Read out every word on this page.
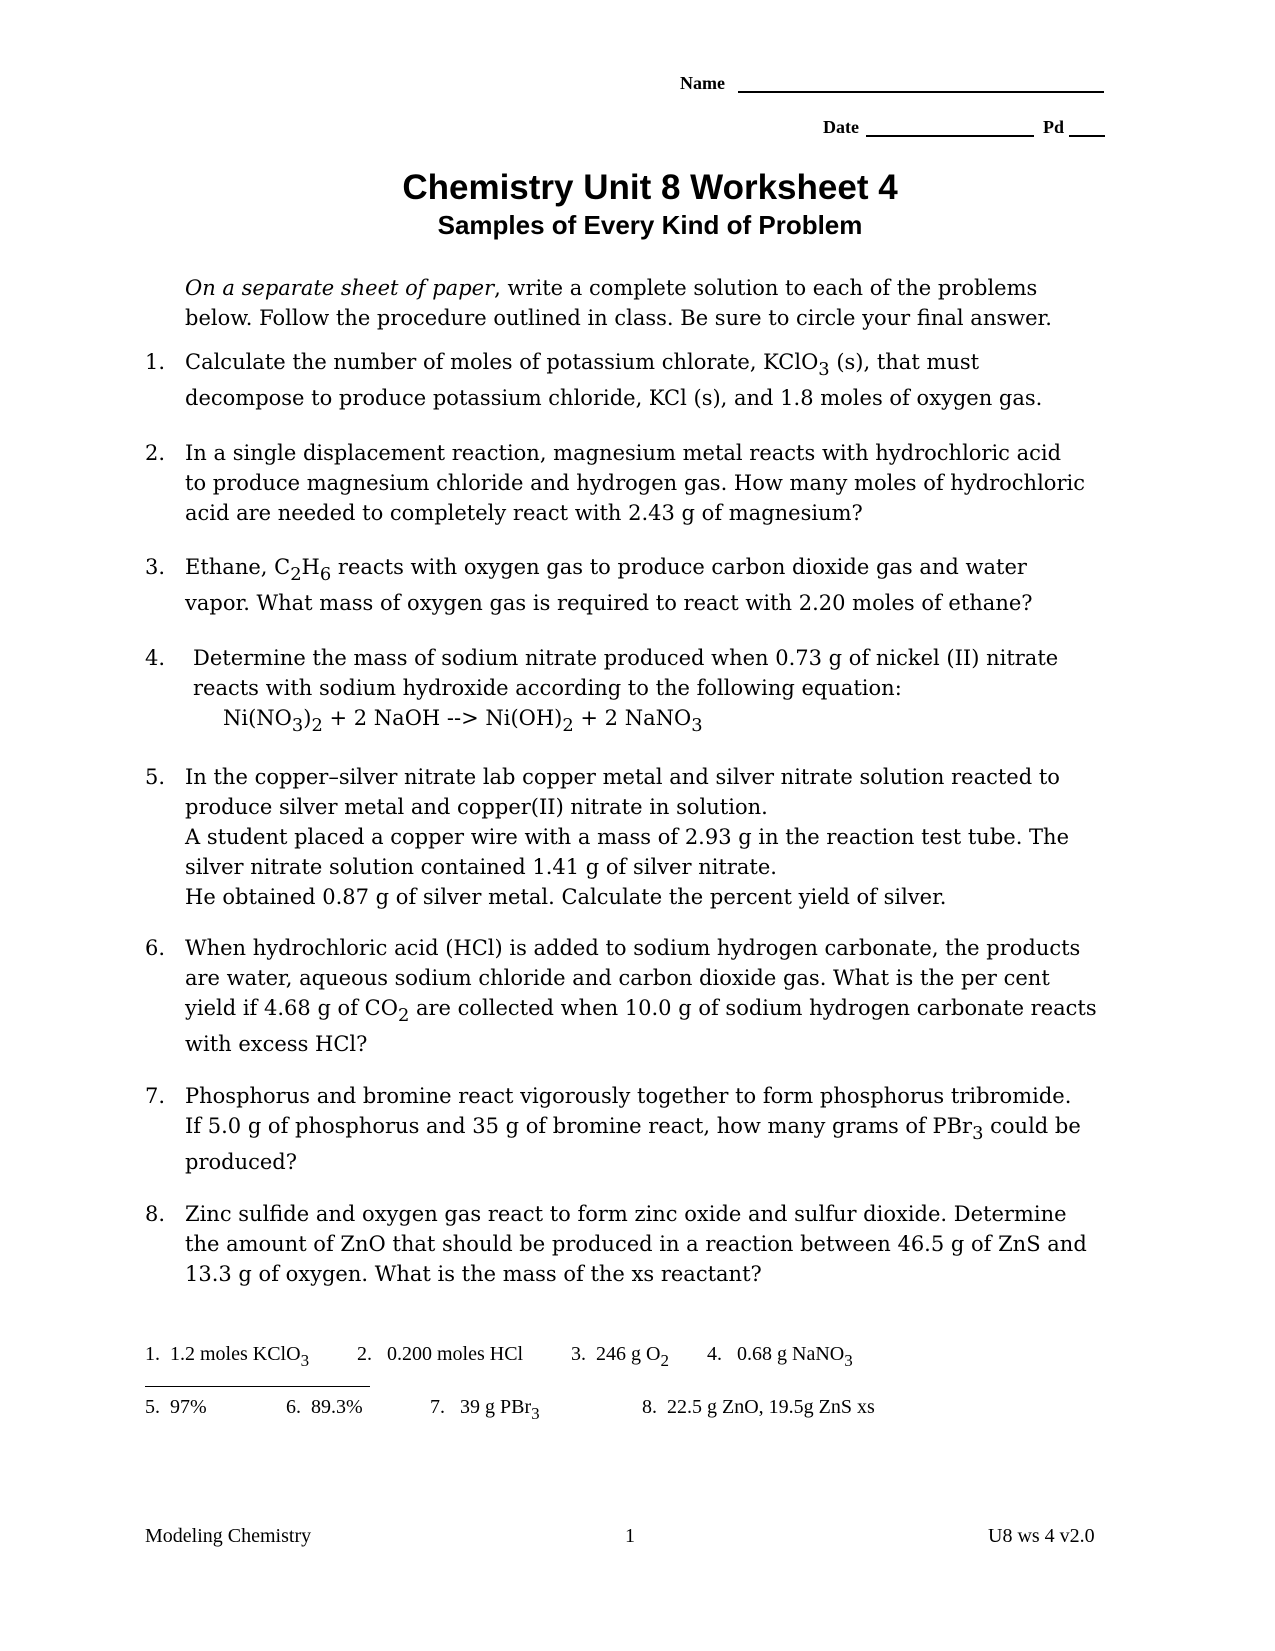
Name
Date	Pd
Chemistry Unit 8 Worksheet 4
Samples of Every Kind of Problem
On a separate sheet of paper, write a complete solution to each of the problems
below. Follow the procedure outlined in class. Be sure to circle your final answer.
1. Calculate the number of moles of potassium chlorate, KClO$_3$ (s), that must
decompose to produce potassium chloride, KCl (s), and 1.8 moles of oxygen gas.
2. In a single displacement reaction, magnesium metal reacts with hydrochloric acid
to produce magnesium chloride and hydrogen gas. How many moles of hydrochloric
acid are needed to completely react with 2.43 g of magnesium?
3. Ethane, $C_2H_6$ reacts with oxygen gas to produce carbon dioxide gas and water
vapor. What mass of oxygen gas is required to react with 2.20 moles of ethane?
4. Determine the mass of sodium nitrate produced when 0.73 g of nickel (II) nitrate
reacts with sodium hydroxide according to the following equation:
$Ni(NO_3)_2 + 2$ NaOH --> $Ni(OH)_2 + 2$ NaNO$_3$
5. In the copper–silver nitrate lab copper metal and silver nitrate solution reacted to
produce silver metal and copper(II) nitrate in solution.
A student placed a copper wire with a mass of 2.93 g in the reaction test tube. The
silver nitrate solution contained 1.41 g of silver nitrate.
He obtained 0.87 g of silver metal. Calculate the percent yield of silver.
6. When hydrochloric acid (HCl) is added to sodium hydrogen carbonate, the products
are water, aqueous sodium chloride and carbon dioxide gas. What is the per cent
yield if 4.68 g of $CO_2$ are collected when 10.0 g of sodium hydrogen carbonate reacts
with excess HCl?
7. Phosphorus and bromine react vigorously together to form phosphorus tribromide.
If 5.0 g of phosphorus and 35 g of bromine react, how many grams of PBr$_3$ could be
produced?
8. Zinc sulfide and oxygen gas react to form zinc oxide and sulfur dioxide. Determine
the amount of ZnO that should be produced in a reaction between 46.5 g of ZnS and
13.3 g of oxygen. What is the mass of the xs reactant?
1. 1.2 moles KClO$_3$ 2. 0.200 moles HCl 3. 246 g $O_2$ 4. 0.68 g NaNO$_3$
5. 97%	6. 89.3%	7. 39 g PBr$_3$	8. 22.5 g ZnO, 19.5g ZnS xs
Modeling Chemistry	1	U8 ws 4 v2.0
